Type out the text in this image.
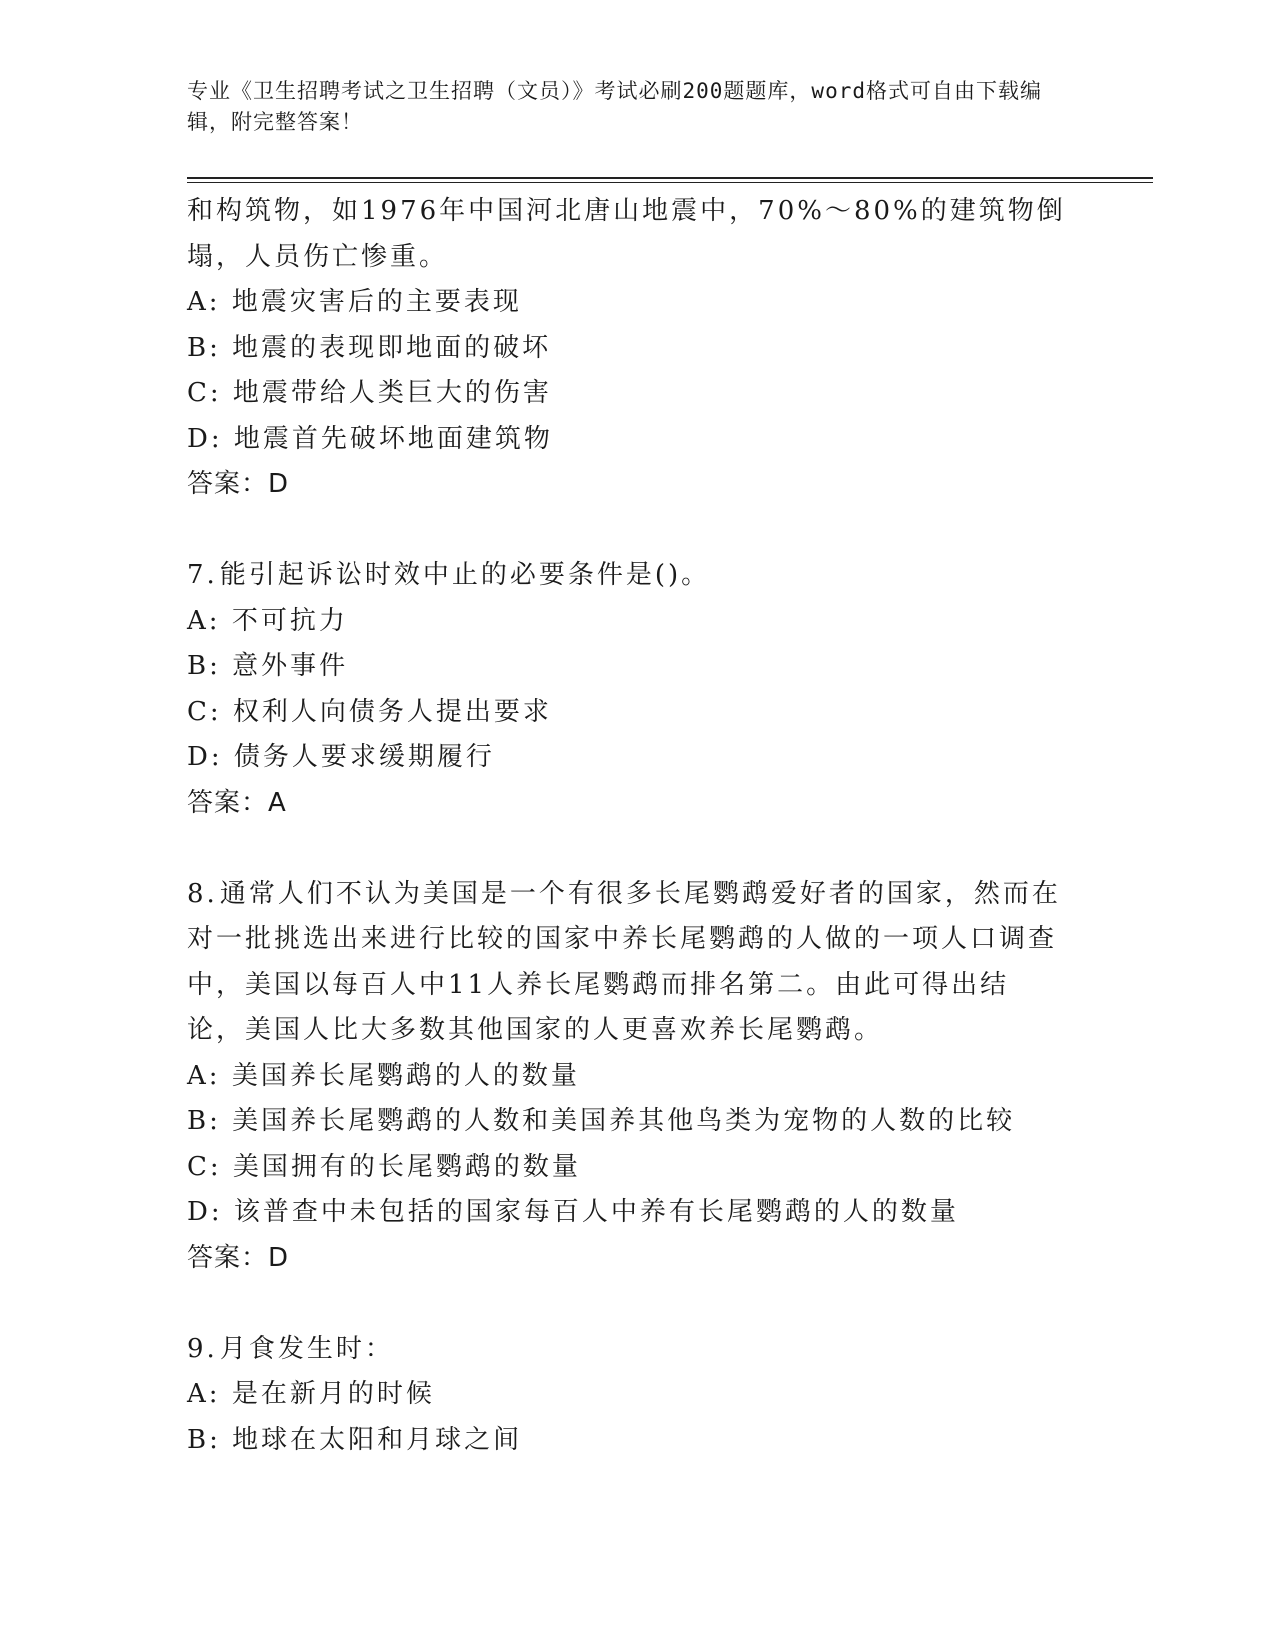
专业《卫生招聘考试之卫生招聘（文员）》考试必刷200题题库，word格式可自由下载编辑，附完整答案！

和构筑物，如1976年中国河北唐山地震中，70%～80%的建筑物倒塌，人员伤亡惨重。

A: 地震灾害后的主要表现

B: 地震的表现即地面的破坏

C: 地震带给人类巨大的伤害

D: 地震首先破坏地面建筑物

答案：D

7.能引起诉讼时效中止的必要条件是()。

A: 不可抗力

B: 意外事件

C: 权利人向债务人提出要求

D: 债务人要求缓期履行

答案：A

8.通常人们不认为美国是一个有很多长尾鹦鹉爱好者的国家，然而在对一批挑选出来进行比较的国家中养长尾鹦鹉的人做的一项人口调查中，美国以每百人中11人养长尾鹦鹉而排名第二。由此可得出结论，美国人比大多数其他国家的人更喜欢养长尾鹦鹉。

A: 美国养长尾鹦鹉的人的数量

B: 美国养长尾鹦鹉的人数和美国养其他鸟类为宠物的人数的比较

C: 美国拥有的长尾鹦鹉的数量

D: 该普查中未包括的国家每百人中养有长尾鹦鹉的人的数量

答案：D

9.月食发生时：

A: 是在新月的时候

B: 地球在太阳和月球之间
